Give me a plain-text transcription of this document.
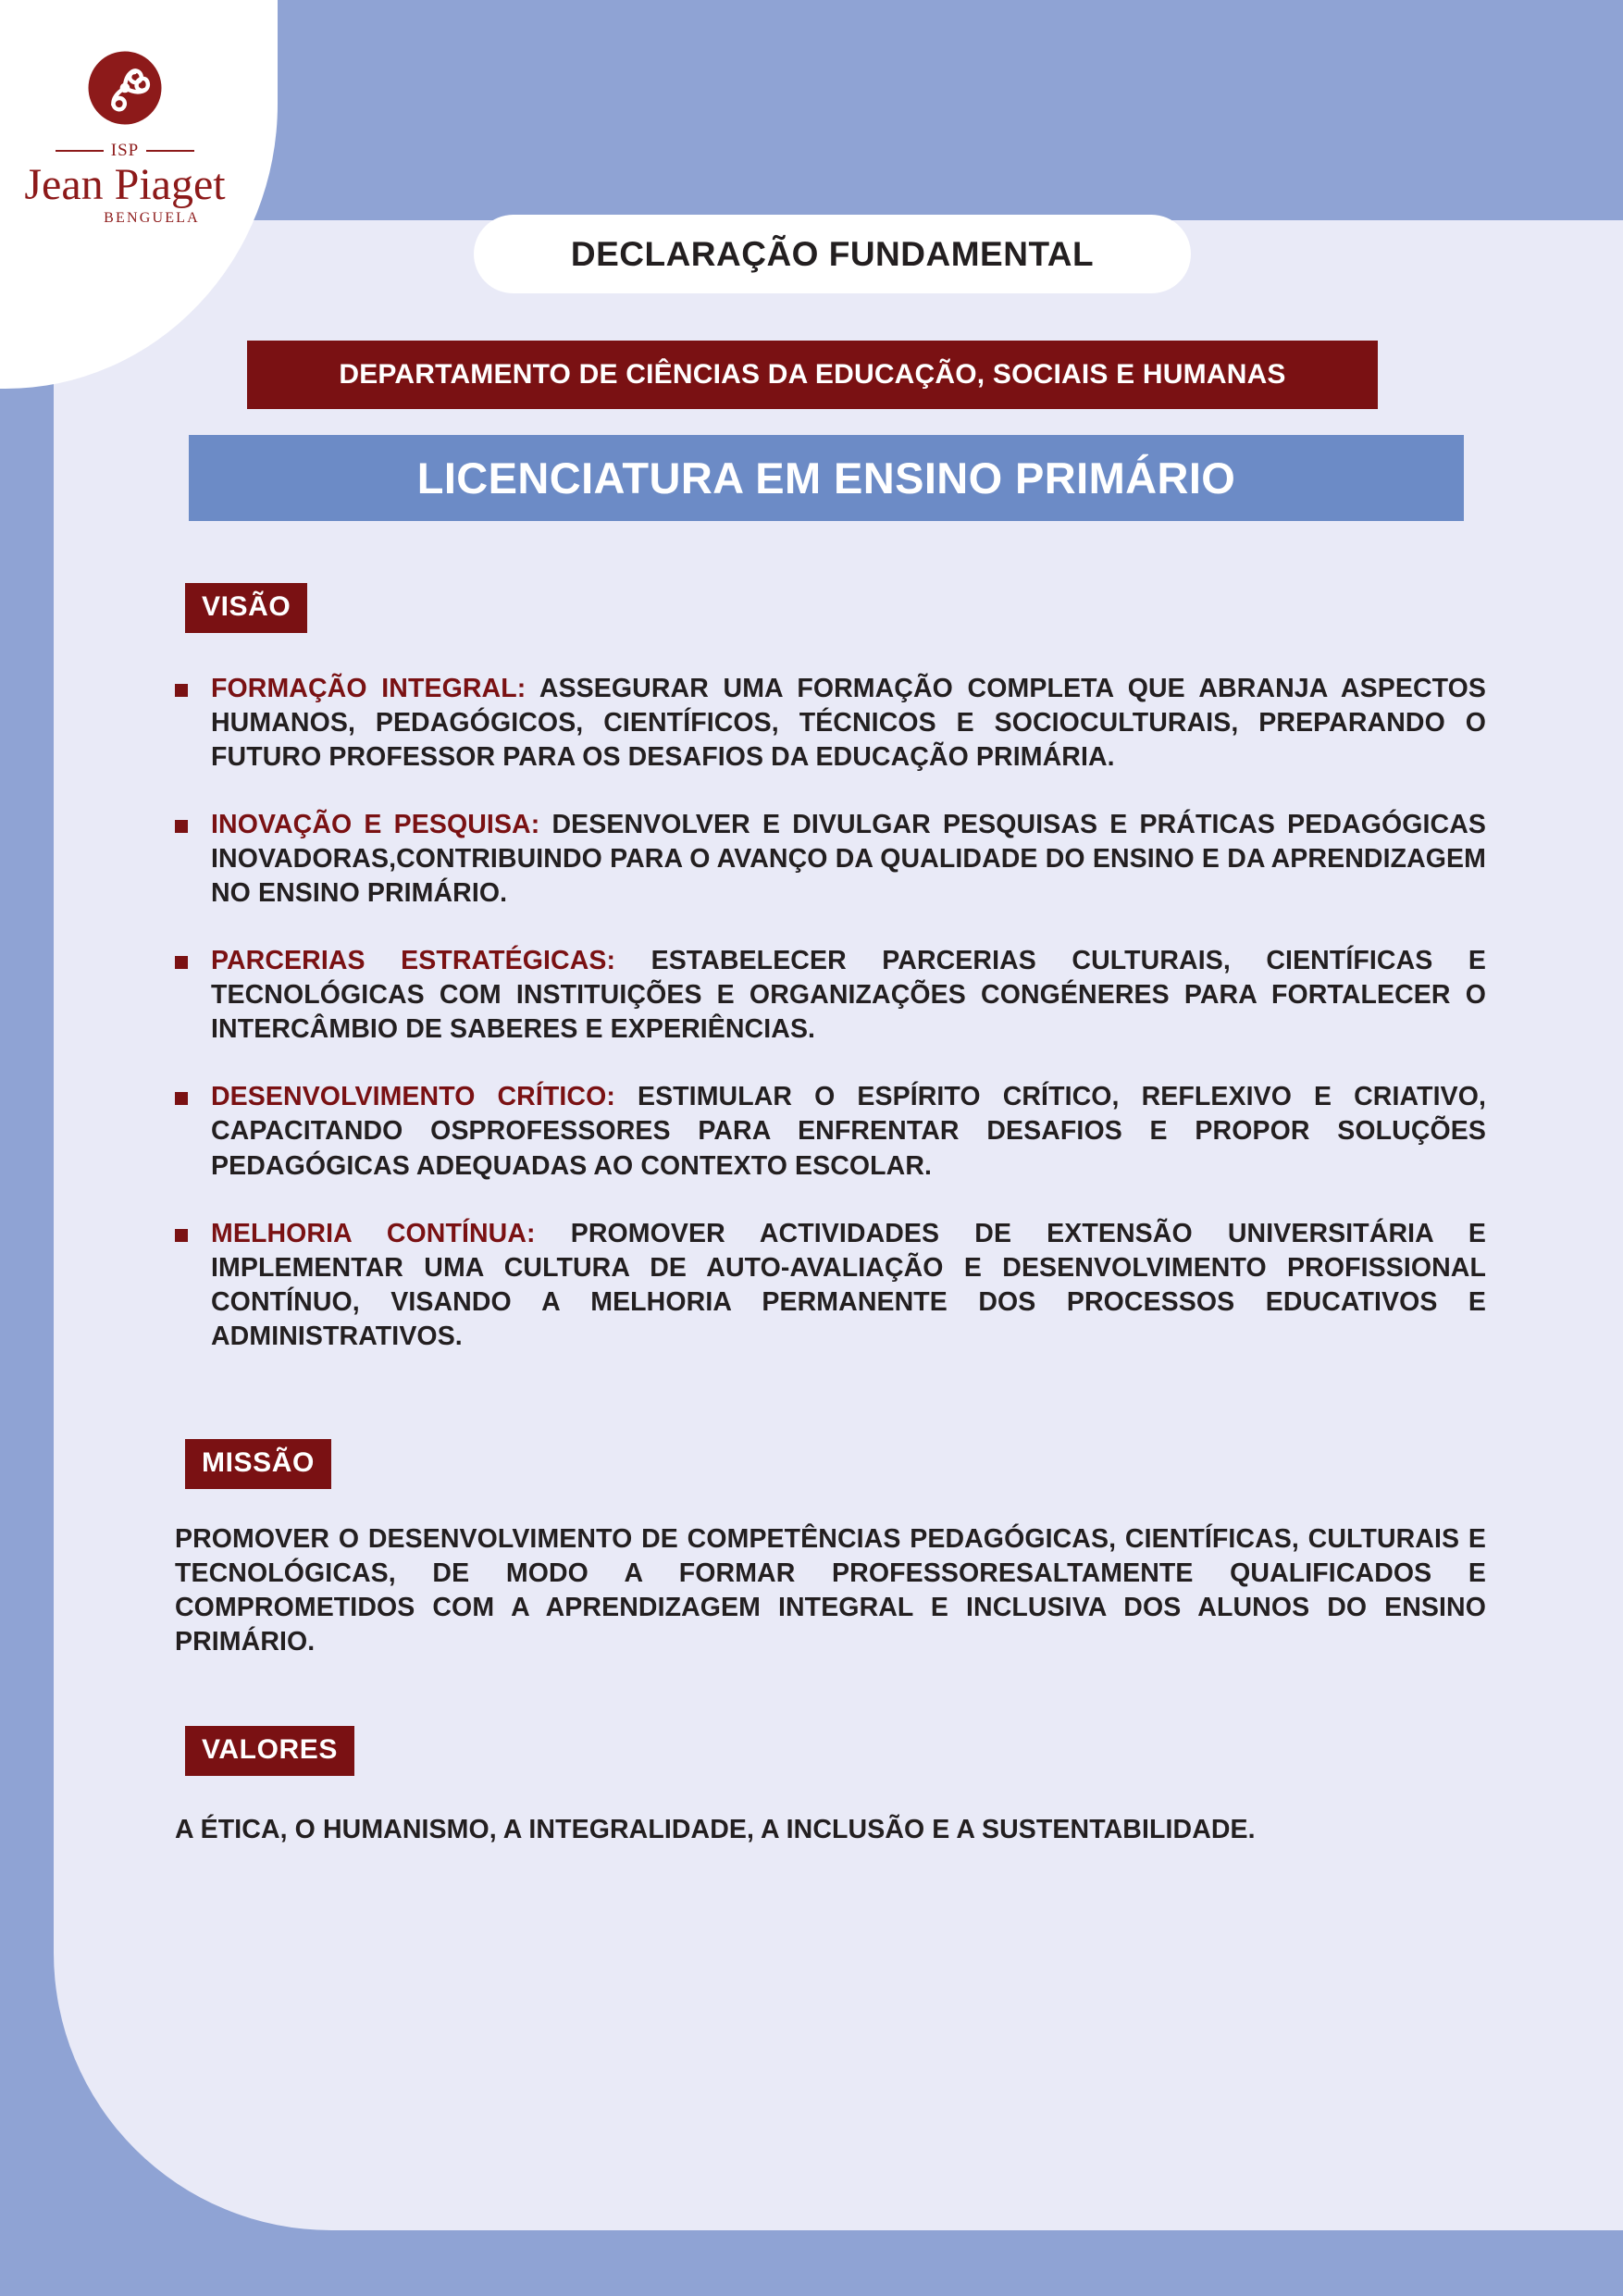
ISP
Jean Piaget
BENGUELA
DECLARAÇÃO FUNDAMENTAL
DEPARTAMENTO DE CIÊNCIAS DA EDUCAÇÃO, SOCIAIS E HUMANAS
LICENCIATURA EM ENSINO PRIMÁRIO
VISÃO
FORMAÇÃO INTEGRAL: ASSEGURAR UMA FORMAÇÃO COMPLETA QUE ABRANJA ASPECTOS HUMANOS, PEDAGÓGICOS, CIENTÍFICOS, TÉCNICOS E SOCIOCULTURAIS, PREPARANDO O FUTURO PROFESSOR PARA OS DESAFIOS DA EDUCAÇÃO PRIMÁRIA.
INOVAÇÃO E PESQUISA: DESENVOLVER E DIVULGAR PESQUISAS E PRÁTICAS PEDAGÓGICAS INOVADORAS,CONTRIBUINDO PARA O AVANÇO DA QUALIDADE DO ENSINO E DA APRENDIZAGEM NO ENSINO PRIMÁRIO.
PARCERIAS ESTRATÉGICAS: ESTABELECER PARCERIAS CULTURAIS, CIENTÍFICAS E TECNOLÓGICAS COM INSTITUIÇÕES E ORGANIZAÇÕES CONGÉNERES PARA FORTALECER O INTERCÂMBIO DE SABERES E EXPERIÊNCIAS.
DESENVOLVIMENTO CRÍTICO: ESTIMULAR O ESPÍRITO CRÍTICO, REFLEXIVO E CRIATIVO, CAPACITANDO OSPROFESSORES PARA ENFRENTAR DESAFIOS E PROPOR SOLUÇÕES PEDAGÓGICAS ADEQUADAS AO CONTEXTO ESCOLAR.
MELHORIA CONTÍNUA: PROMOVER ACTIVIDADES DE EXTENSÃO UNIVERSITÁRIA E IMPLEMENTAR UMA CULTURA DE AUTO-AVALIAÇÃO E DESENVOLVIMENTO PROFISSIONAL CONTÍNUO, VISANDO A MELHORIA PERMANENTE DOS PROCESSOS EDUCATIVOS E ADMINISTRATIVOS.
MISSÃO
PROMOVER O DESENVOLVIMENTO DE COMPETÊNCIAS PEDAGÓGICAS, CIENTÍFICAS, CULTURAIS E TECNOLÓGICAS, DE MODO A FORMAR PROFESSORESALTAMENTE QUALIFICADOS E COMPROMETIDOS COM A APRENDIZAGEM INTEGRAL E INCLUSIVA DOS ALUNOS DO ENSINO PRIMÁRIO.
VALORES
A ÉTICA, O HUMANISMO, A INTEGRALIDADE, A INCLUSÃO E A SUSTENTABILIDADE.
